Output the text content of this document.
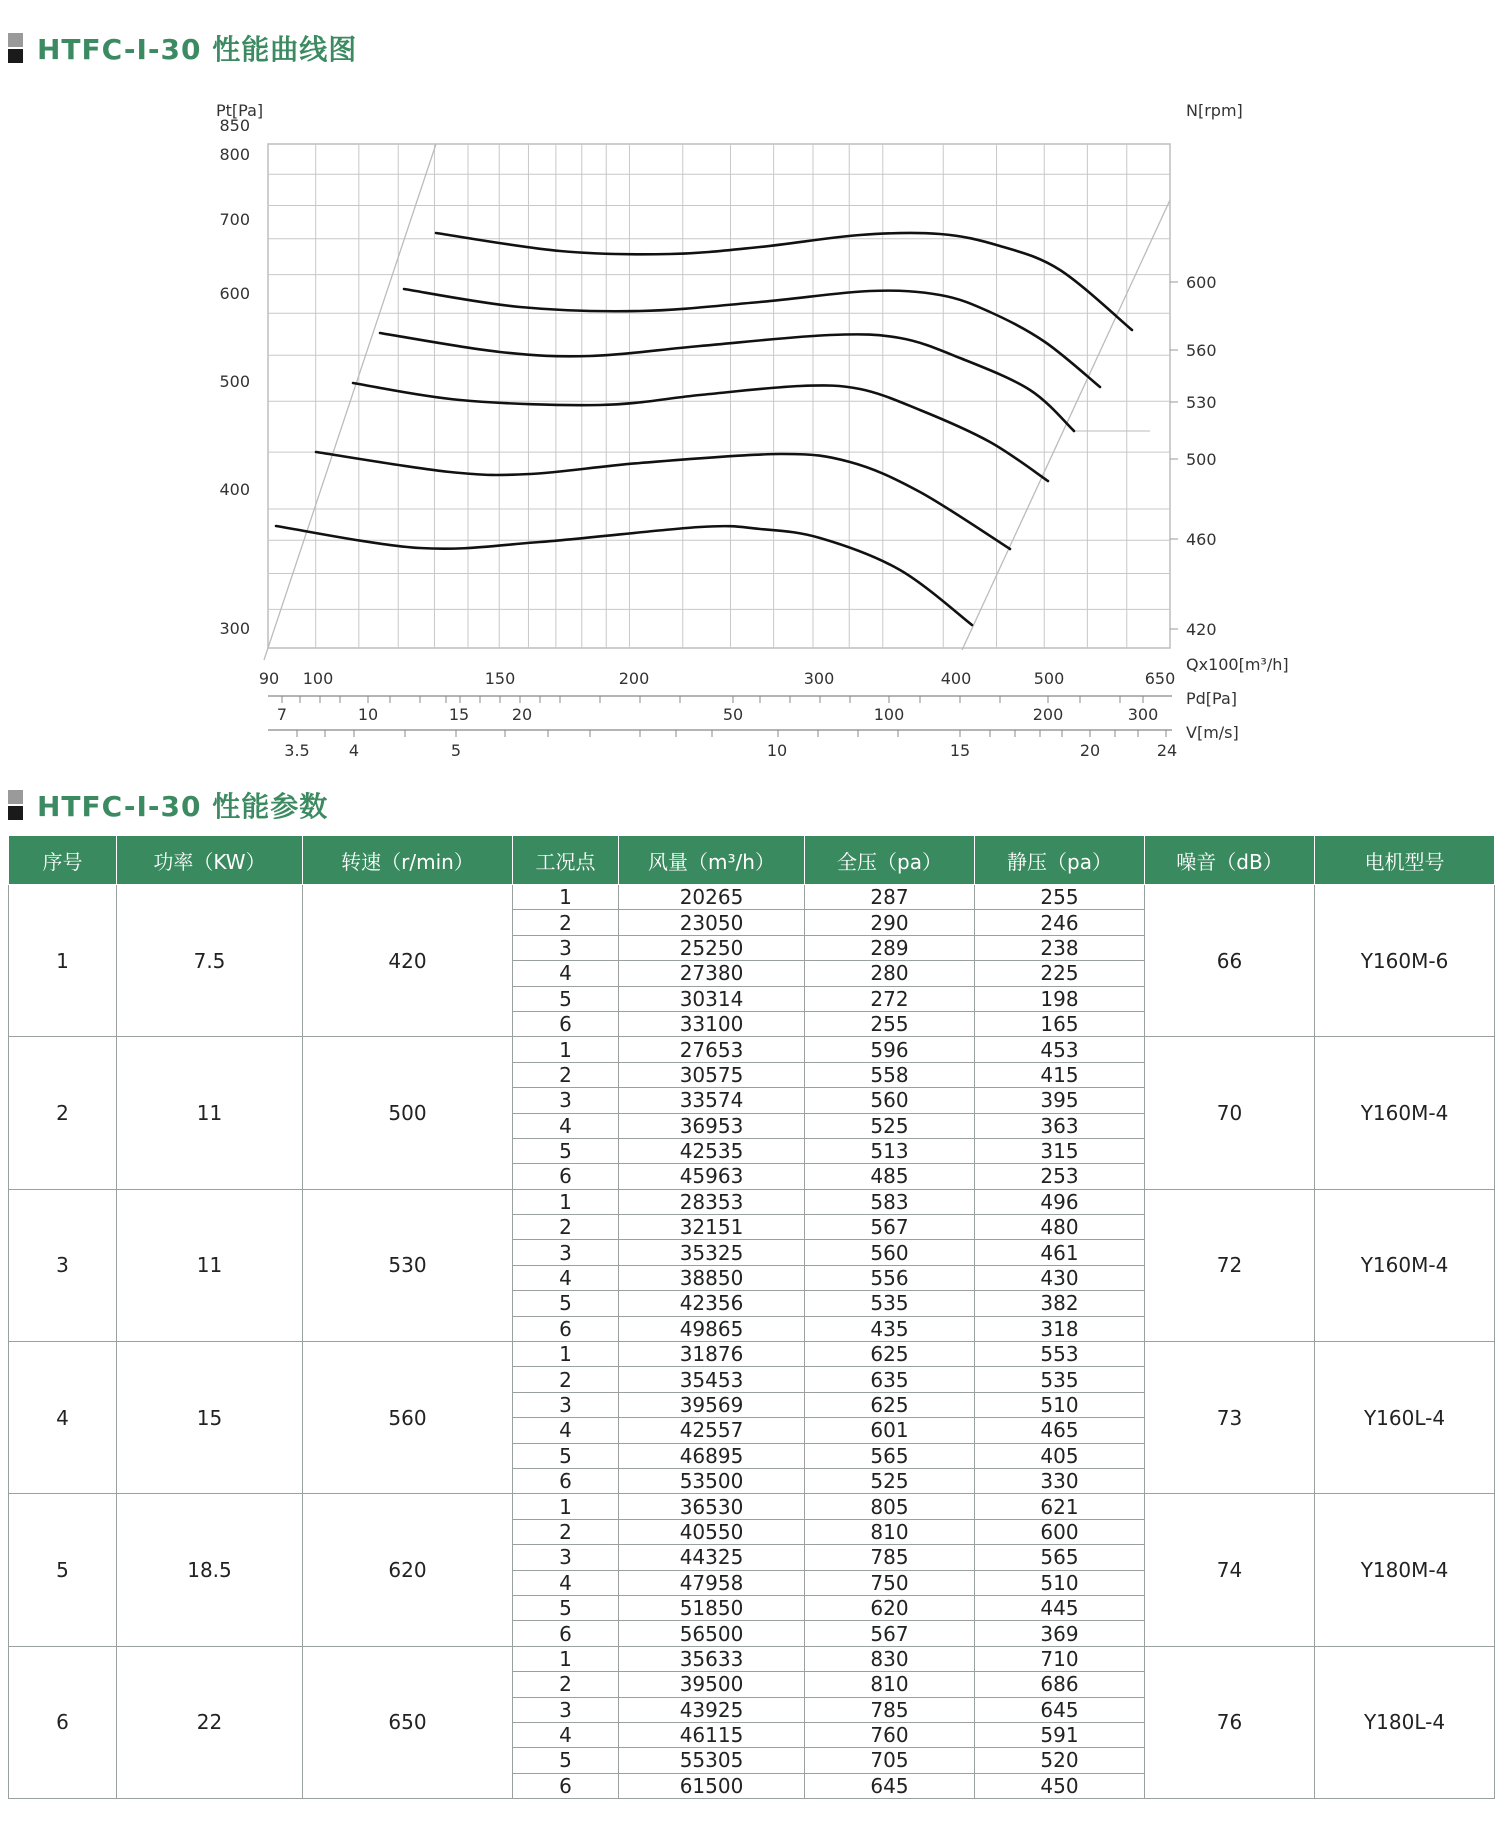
HTFC-I-30 性能曲线图
Pt[Pa]	N[rpm]
850
800
700
600
500
400
300
600
560
530
500
460
420
90 100	150	200	300	400	500	650
Qx100[m³/h]
7	10	15	20	50	100	200	300
Pd[Pa]
3.5 4	5	10	15	20	24
V[m/s]
HTFC-I-30 性能参数
序号	功率（KW）	转速（r/min）	工况点	风量（m³/h）	全压（pa）	静压（pa）	噪音（dB）	电机型号
1	7.5	420	1	20265	287	255	66	Y160M-6
			2	23050	290	246		
			3	25250	289	238		
			4	27380	280	225		
			5	30314	272	198		
			6	33100	255	165		
2	11	500	1	27653	596	453	70	Y160M-4
			2	30575	558	415		
			3	33574	560	395		
			4	36953	525	363		
			5	42535	513	315		
			6	45963	485	253		
3	11	530	1	28353	583	496	72	Y160M-4
			2	32151	567	480		
			3	35325	560	461		
			4	38850	556	430		
			5	42356	535	382		
			6	49865	435	318		
4	15	560	1	31876	625	553	73	Y160L-4
			2	35453	635	535		
			3	39569	625	510		
			4	42557	601	465		
			5	46895	565	405		
			6	53500	525	330		
5	18.5	620	1	36530	805	621	74	Y180M-4
			2	40550	810	600		
			3	44325	785	565		
			4	47958	750	510		
			5	51850	620	445		
			6	56500	567	369		
6	22	650	1	35633	830	710	76	Y180L-4
			2	39500	810	686		
			3	43925	785	645		
			4	46115	760	591		
			5	55305	705	520		
			6	61500	645	450		
